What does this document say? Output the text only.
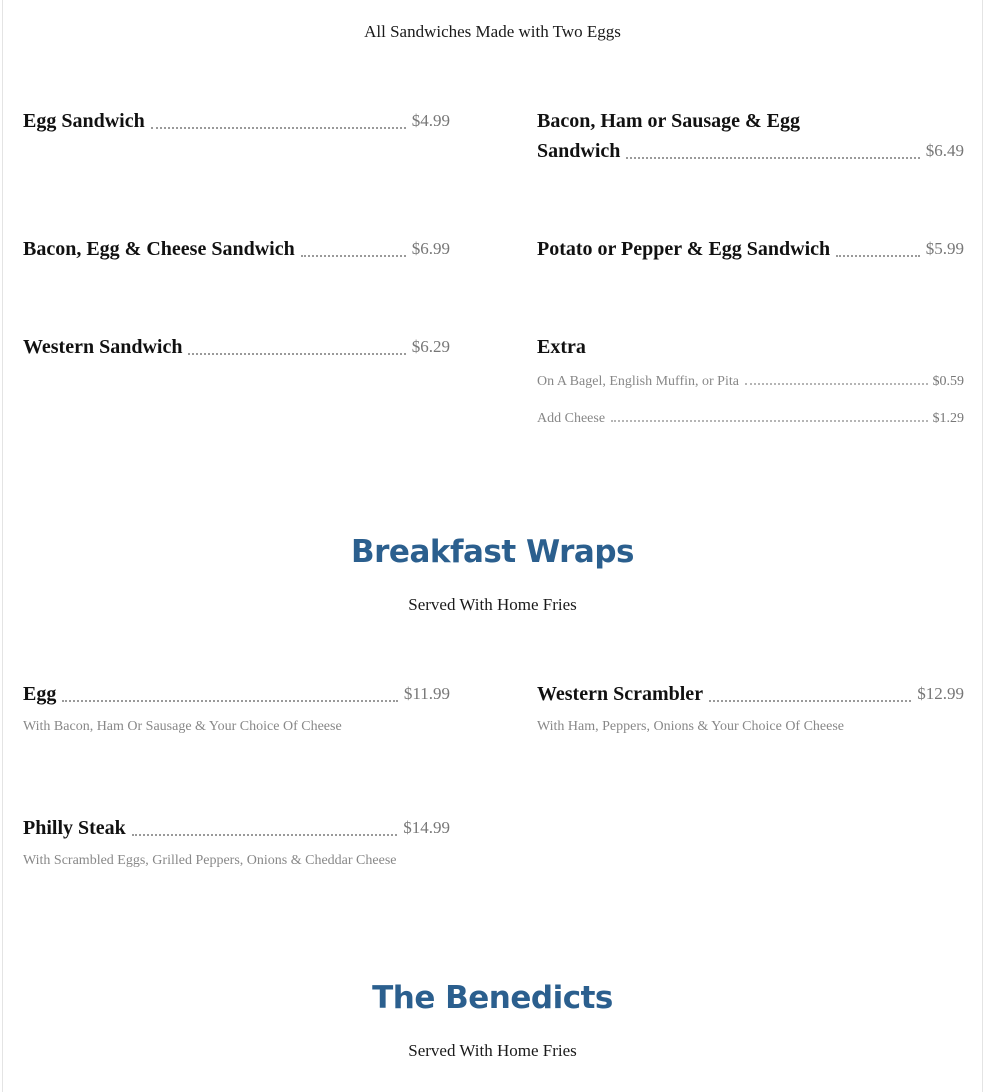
All Sandwiches Made with Two Eggs
Egg Sandwich	$4.99	Bacon, Ham or Sausage & Egg
Sandwich	$6.49
Bacon, Egg & Cheese Sandwich	$6.99	Potato or Pepper & Egg Sandwich	$5.99
Western Sandwich	$6.29	Extra
On A Bagel, English Muffin, or Pita	$0.59
Add Cheese	$1.29
Breakfast Wraps
Served With Home Fries
Egg	$11.99
With Bacon, Ham Or Sausage & Your Choice Of Cheese
Western Scrambler	$12.99
With Ham, Peppers, Onions & Your Choice Of Cheese
Philly Steak	$14.99
With Scrambled Eggs, Grilled Peppers, Onions & Cheddar Cheese
The Benedicts
Served With Home Fries
